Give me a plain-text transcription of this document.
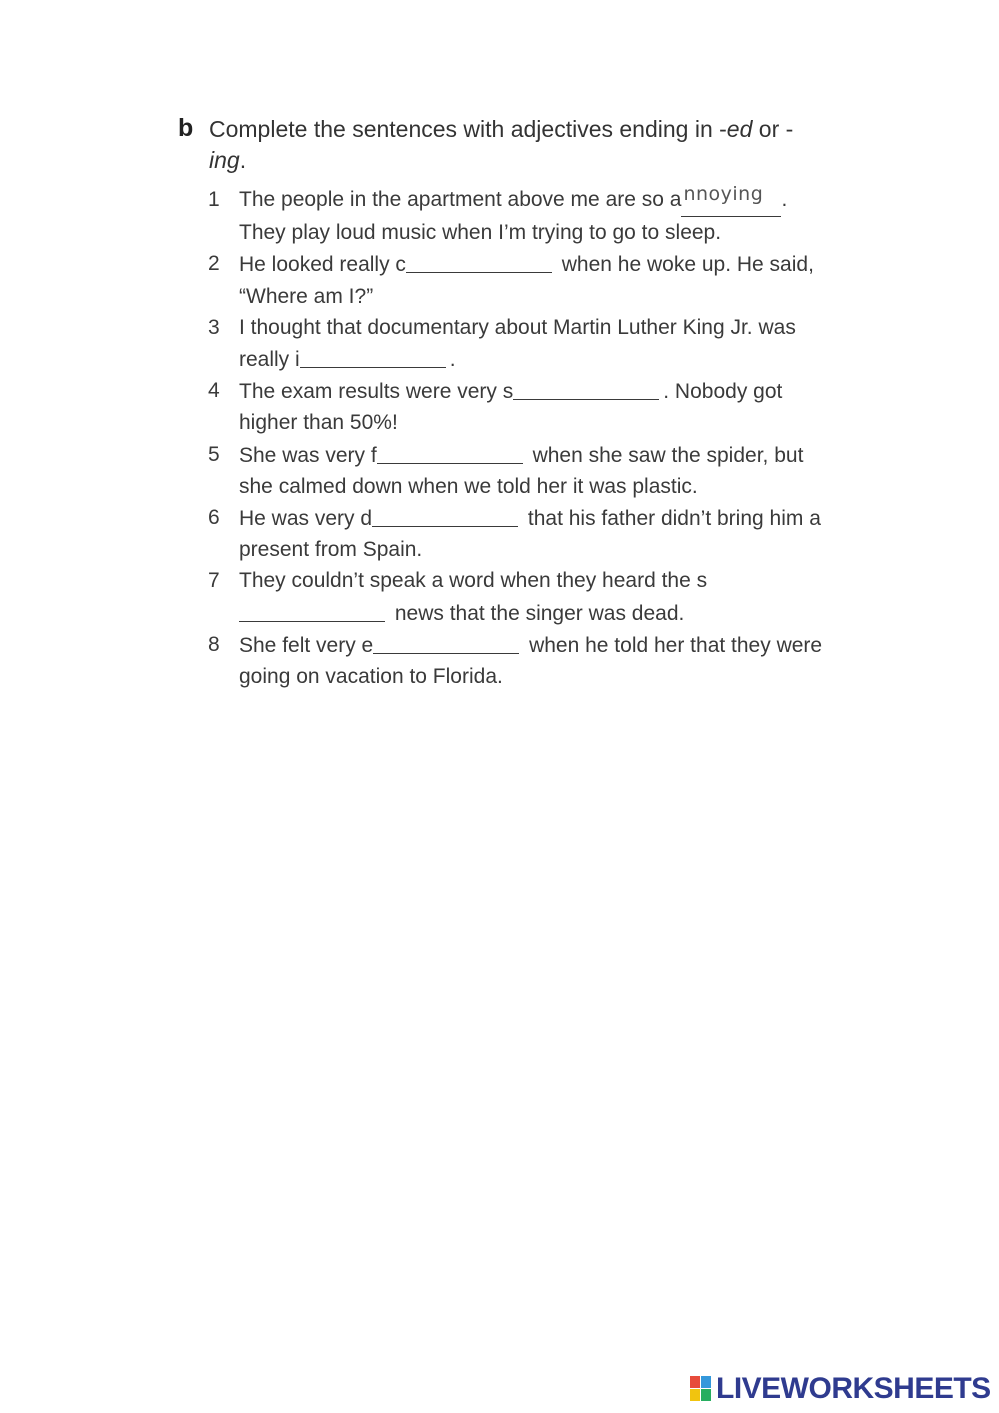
b Complete the sentences with adjectives ending in -ed or -ing.
1 The people in the apartment above me are so a nnoying . They play loud music when I’m trying to go to sleep.
2 He looked really c	when he woke up. He said, “Where am I?”
3 I thought that documentary about Martin Luther King Jr. was really i	.
4 The exam results were very s	. Nobody got higher than 50%!
5 She was very f	when she saw the spider, but she calmed down when we told her it was plastic.
6 He was very d	that his father didn’t bring him a present from Spain.
7 They couldn’t speak a word when they heard the s news that the singer was dead.
8 She felt very e	when he told her that they were going on vacation to Florida.
LIVEWORKSHEETS
